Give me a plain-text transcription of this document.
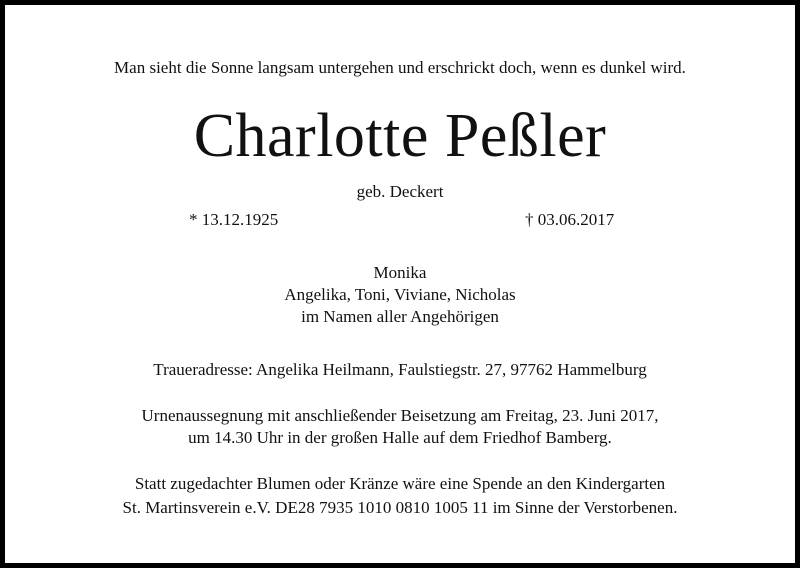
Man sieht die Sonne langsam untergehen und erschrickt doch, wenn es dunkel wird.
Charlotte Peßler
geb. Deckert
* 13.12.1925	† 03.06.2017
Monika
Angelika, Toni, Viviane, Nicholas
im Namen aller Angehörigen
Traueradresse: Angelika Heilmann, Faulstiegstr. 27, 97762 Hammelburg
Urnenaussegnung mit anschließender Beisetzung am Freitag, 23. Juni 2017,
um 14.30 Uhr in der großen Halle auf dem Friedhof Bamberg.
Statt zugedachter Blumen oder Kränze wäre eine Spende an den Kindergarten
St. Martinsverein e.V. DE28 7935 1010 0810 1005 11 im Sinne der Verstorbenen.
